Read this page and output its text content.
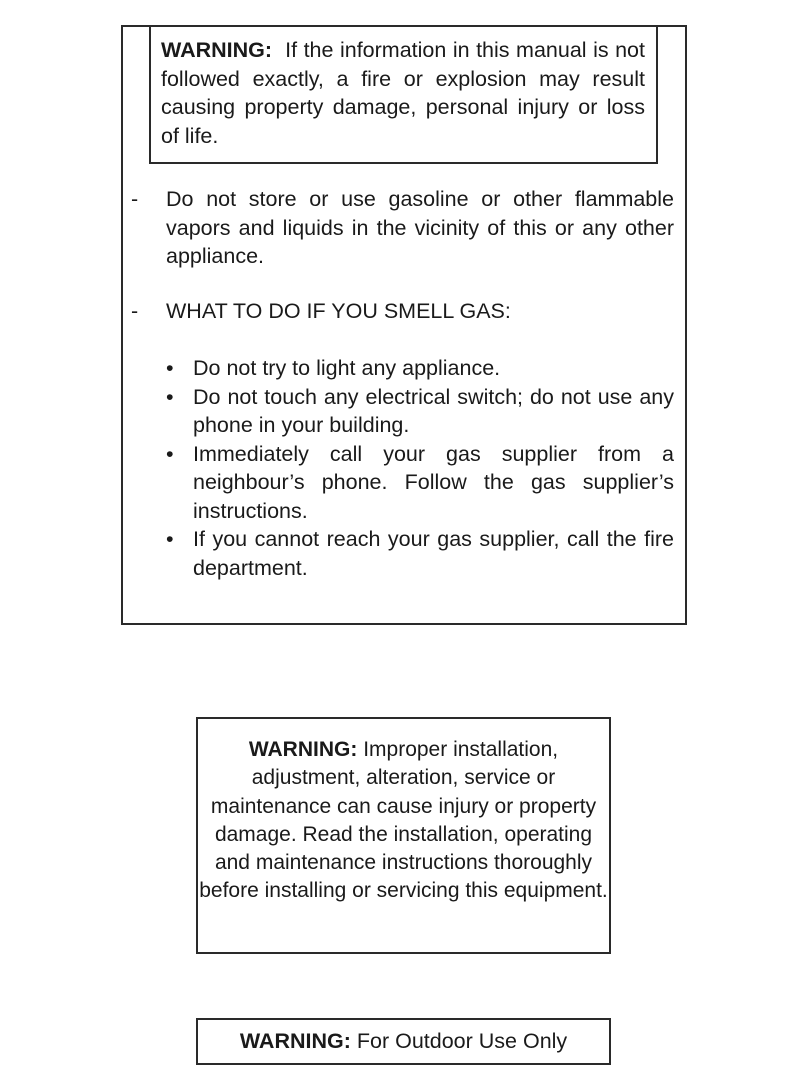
WARNING: If the information in this manual is not followed exactly, a fire or explosion may result causing property damage, personal injury or loss of life.
- Do not store or use gasoline or other flammable vapors and liquids in the vicinity of this or any other appliance.
- WHAT TO DO IF YOU SMELL GAS:
• Do not try to light any appliance.
• Do not touch any electrical switch; do not use any phone in your building.
• Immediately call your gas supplier from a neighbour’s phone. Follow the gas supplier’s instructions.
• If you cannot reach your gas supplier, call the fire department.
WARNING: Improper installation, adjustment, alteration, service or maintenance can cause injury or property damage. Read the installation, operating and maintenance instructions thoroughly before installing or servicing this equipment.
WARNING: For Outdoor Use Only
